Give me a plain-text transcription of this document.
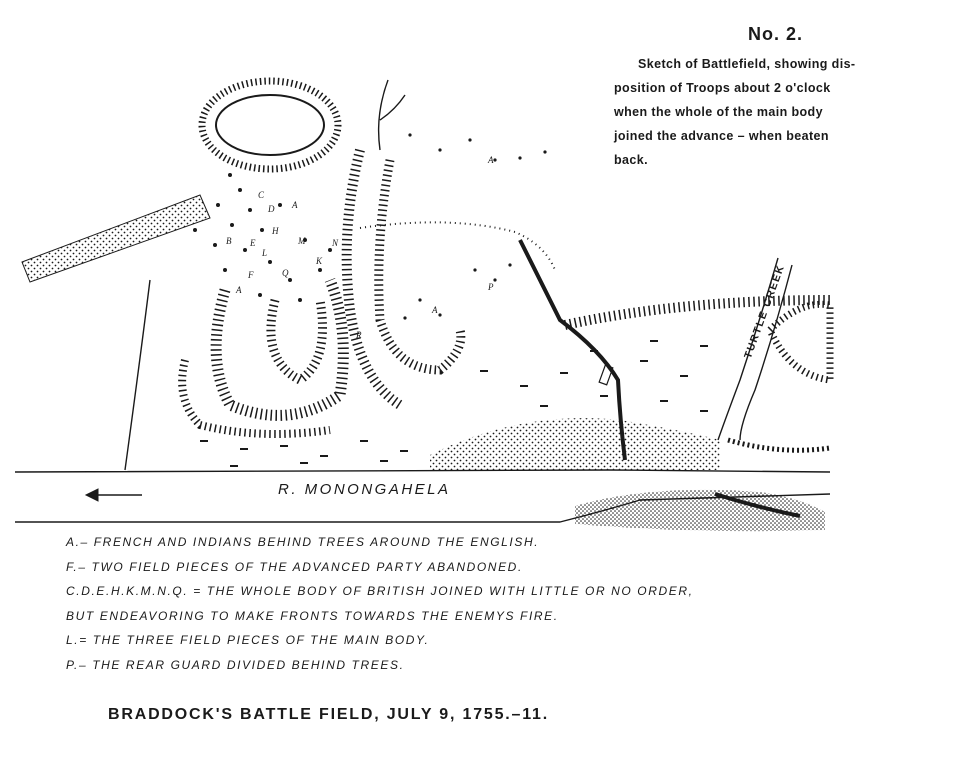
No. 2.
Sketch of Battlefield, showing dis-
position of Troops about 2 o'clock
when the whole of the main body
joined the advance – when beaten
back.
A
A
A
A
B
C
D
E
F
H
K
L
M	N
Q
R
P
R. MONONGAHELA
TURTLE CREEK
A.– FRENCH AND INDIANS BEHIND TREES AROUND THE ENGLISH.
F.– TWO FIELD PIECES OF THE ADVANCED PARTY ABANDONED.
C.D.E.H.K.M.N.Q. = THE WHOLE BODY OF BRITISH JOINED WITH LITTLE OR NO ORDER,
BUT ENDEAVORING TO MAKE FRONTS TOWARDS THE ENEMYS FIRE.
L.= THE THREE FIELD PIECES OF THE MAIN BODY.
P.– THE REAR GUARD DIVIDED BEHIND TREES.
BRADDOCK'S BATTLE FIELD, JULY 9, 1755.–11.
